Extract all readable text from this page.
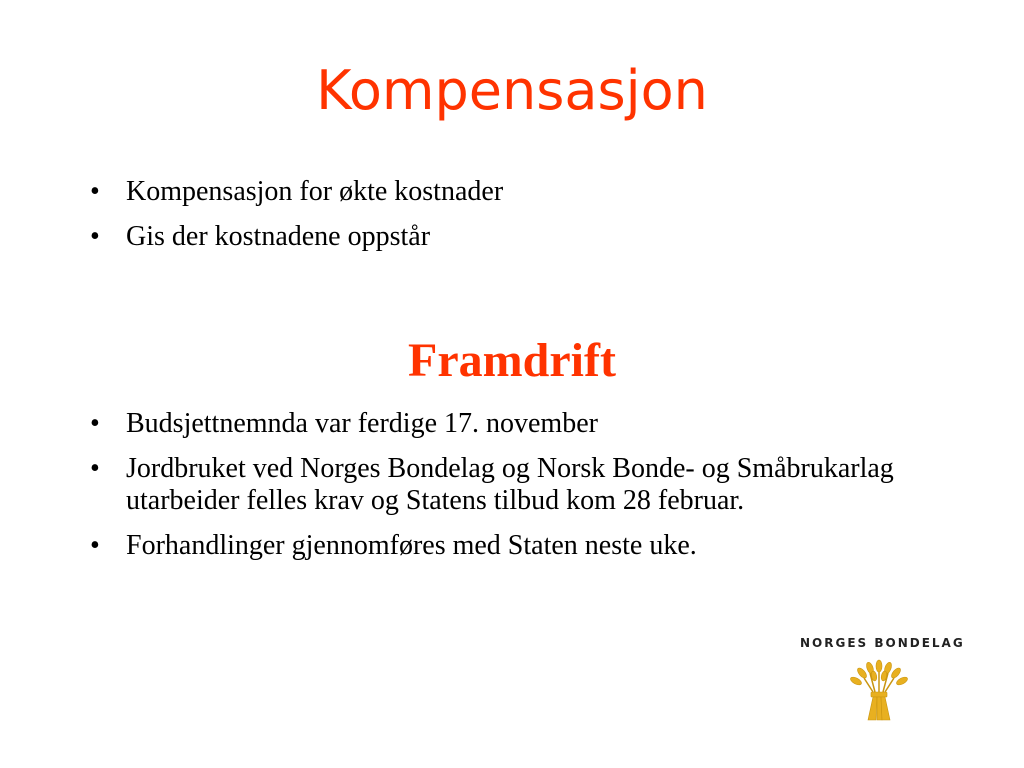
Kompensasjon
• Kompensasjon for økte kostnader
• Gis der kostnadene oppstår
Framdrift
• Budsjettnemnda var ferdige 17. november
• Jordbruket ved Norges Bondelag og Norsk Bonde- og Småbrukarlag utarbeider felles krav og Statens tilbud kom 28 februar.
• Forhandlinger gjennomføres med Staten neste uke.
NORGES BONDELAG
